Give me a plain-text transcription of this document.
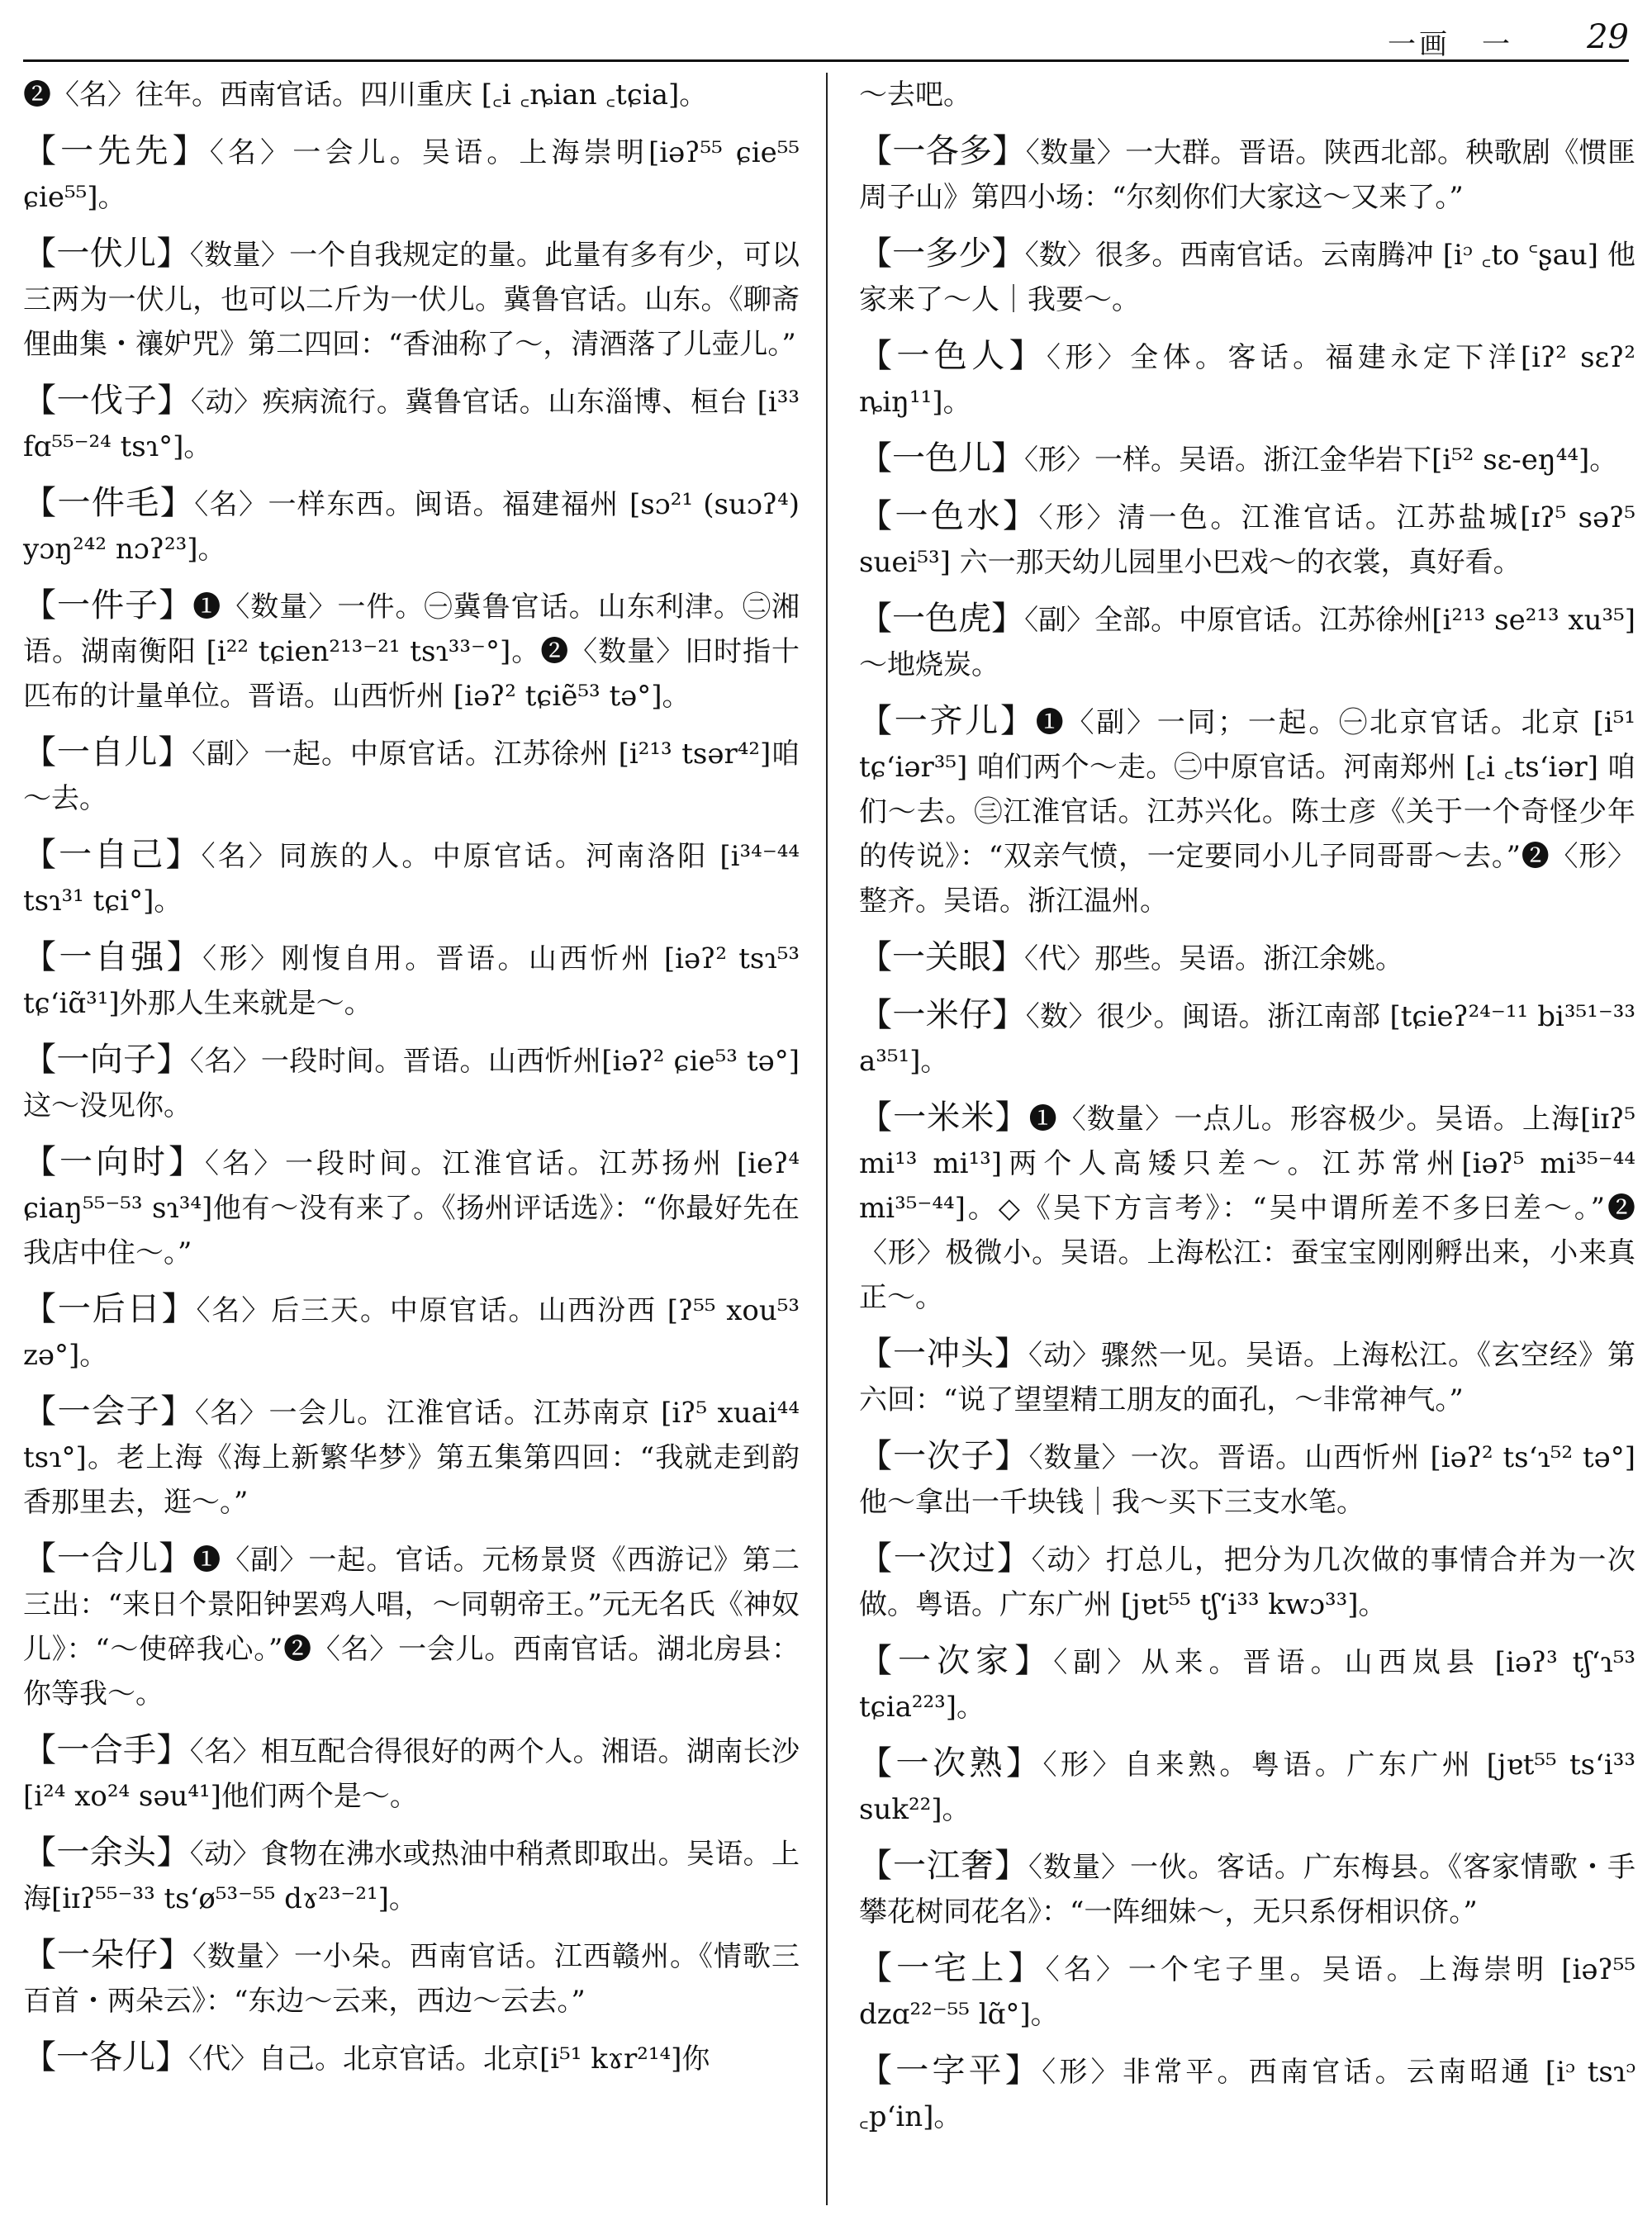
一画　一 29
❷〈名〉往年。西南官话。四川重庆 [꜀i ꜀ȵian ꜀tɕia]。
【一先先】〈名〉一会儿。吴语。上海崇明[iəʔ⁵⁵ ɕie⁵⁵ ɕie⁵⁵]。
【一伏儿】〈数量〉一个自我规定的量。此量有多有少，可以三两为一伏儿，也可以二斤为一伏儿。冀鲁官话。山东。《聊斋俚曲集・禳妒咒》第二四回：“香油称了～，清酒落了儿壶儿。”
【一伐子】〈动〉疾病流行。冀鲁官话。山东淄博、桓台 [i³³ fɑ⁵⁵⁻²⁴ tsɿ°]。
【一件毛】〈名〉一样东西。闽语。福建福州 [sɔ²¹ (suɔʔ⁴) yɔŋ²⁴² nɔʔ²³]。
【一件子】❶〈数量〉一件。㊀冀鲁官话。山东利津。㊁湘语。湖南衡阳 [i²² tɕien²¹³⁻²¹ tsɿ³³⁻°]。❷〈数量〉旧时指十匹布的计量单位。晋语。山西忻州 [iəʔ² tɕiẽ⁵³ tə°]。
【一自儿】〈副〉一起。中原官话。江苏徐州 [i²¹³ tsər⁴²]咱～去。
【一自己】〈名〉同族的人。中原官话。河南洛阳 [i³⁴⁻⁴⁴ tsɿ³¹ tɕi°]。
【一自强】〈形〉刚愎自用。晋语。山西忻州 [iəʔ² tsɿ⁵³ tɕʻiɑ̃³¹]外那人生来就是～。
【一向子】〈名〉一段时间。晋语。山西忻州[iəʔ² ɕie⁵³ tə°]这～没见你。
【一向时】〈名〉一段时间。江淮官话。江苏扬州 [ieʔ⁴ ɕiaŋ⁵⁵⁻⁵³ sɿ³⁴]他有～没有来了。《扬州评话选》：“你最好先在我店中住～。”
【一后日】〈名〉后三天。中原官话。山西汾西 [ʔ⁵⁵ xou⁵³ zə°]。
【一会子】〈名〉一会儿。江淮官话。江苏南京 [iʔ⁵ xuai⁴⁴ tsɿ°]。老上海《海上新繁华梦》第五集第四回：“我就走到韵香那里去，逛～。”
【一合儿】❶〈副〉一起。官话。元杨景贤《西游记》第二三出：“来日个景阳钟罢鸡人唱，～同朝帝王。”元无名氏《神奴儿》：“～使碎我心。”❷〈名〉一会儿。西南官话。湖北房县：你等我～。
【一合手】〈名〉相互配合得很好的两个人。湘语。湖南长沙[i²⁴ xo²⁴ səu⁴¹]他们两个是～。
【一余头】〈动〉食物在沸水或热油中稍煮即取出。吴语。上海[iɪʔ⁵⁵⁻³³ tsʻø⁵³⁻⁵⁵ dɤ²³⁻²¹]。
【一朵仔】〈数量〉一小朵。西南官话。江西赣州。《情歌三百首・两朵云》：“东边～云来，西边～云去。”
【一各儿】〈代〉自己。北京官话。北京[i⁵¹ kɤr²¹⁴]你
～去吧。
【一各多】〈数量〉一大群。晋语。陕西北部。秧歌剧《惯匪周子山》第四小场：“尔刻你们大家这～又来了。”
【一多少】〈数〉很多。西南官话。云南腾冲 [iᵓ ꜀to ꜂ʂau] 他家来了～人｜我要～。
【一色人】〈形〉全体。客话。福建永定下洋[iʔ² sɛʔ² ȵiŋ¹¹]。
【一色儿】〈形〉一样。吴语。浙江金华岩下[i⁵² sɛ-eŋ⁴⁴]。
【一色水】〈形〉清一色。江淮官话。江苏盐城[ɪʔ⁵ səʔ⁵ suei⁵³] 六一那天幼儿园里小巴戏～的衣裳，真好看。
【一色虎】〈副〉全部。中原官话。江苏徐州[i²¹³ se²¹³ xu³⁵]～地烧炭。
【一齐儿】❶〈副〉一同；一起。㊀北京官话。北京 [i⁵¹ tɕʻiər³⁵] 咱们两个～走。㊁中原官话。河南郑州 [꜀i ꜀tsʻiər] 咱们～去。㊂江淮官话。江苏兴化。陈士彦《关于一个奇怪少年的传说》：“双亲气愤，一定要同小儿子同哥哥～去。”❷〈形〉整齐。吴语。浙江温州。
【一关眼】〈代〉那些。吴语。浙江余姚。
【一米仔】〈数〉很少。闽语。浙江南部 [tɕieʔ²⁴⁻¹¹ bi³⁵¹⁻³³ a³⁵¹]。
【一米米】❶〈数量〉一点儿。形容极少。吴语。上海[iɪʔ⁵ mi¹³ mi¹³]两个人高矮只差～。江苏常州[iəʔ⁵ mi³⁵⁻⁴⁴ mi³⁵⁻⁴⁴]。◇《吴下方言考》：“吴中谓所差不多曰差～。”❷〈形〉极微小。吴语。上海松江：蚕宝宝刚刚孵出来，小来真正～。
【一冲头】〈动〉骤然一见。吴语。上海松江。《玄空经》第六回：“说了望望精工朋友的面孔，～非常神气。”
【一次子】〈数量〉一次。晋语。山西忻州 [iəʔ² tsʻɿ⁵² tə°]他～拿出一千块钱｜我～买下三支水笔。
【一次过】〈动〉打总儿，把分为几次做的事情合并为一次做。粤语。广东广州 [jɐt⁵⁵ tʃʻi³³ kwɔ³³]。
【一次家】〈副〉从来。晋语。山西岚县 [iəʔ³ tʃʻɿ⁵³ tɕia²²³]。
【一次熟】〈形〉自来熟。粤语。广东广州 [jɐt⁵⁵ tsʻi³³ suk²²]。
【一江奢】〈数量〉一伙。客话。广东梅县。《客家情歌・手攀花树同花名》：“一阵细妹～，无只系伢相识侪。”
【一宅上】〈名〉一个宅子里。吴语。上海崇明 [iəʔ⁵⁵ dzɑ²²⁻⁵⁵ lɑ̃°]。
【一字平】〈形〉非常平。西南官话。云南昭通 [iᵓ tsɿᵓ ꜀pʻin]。
